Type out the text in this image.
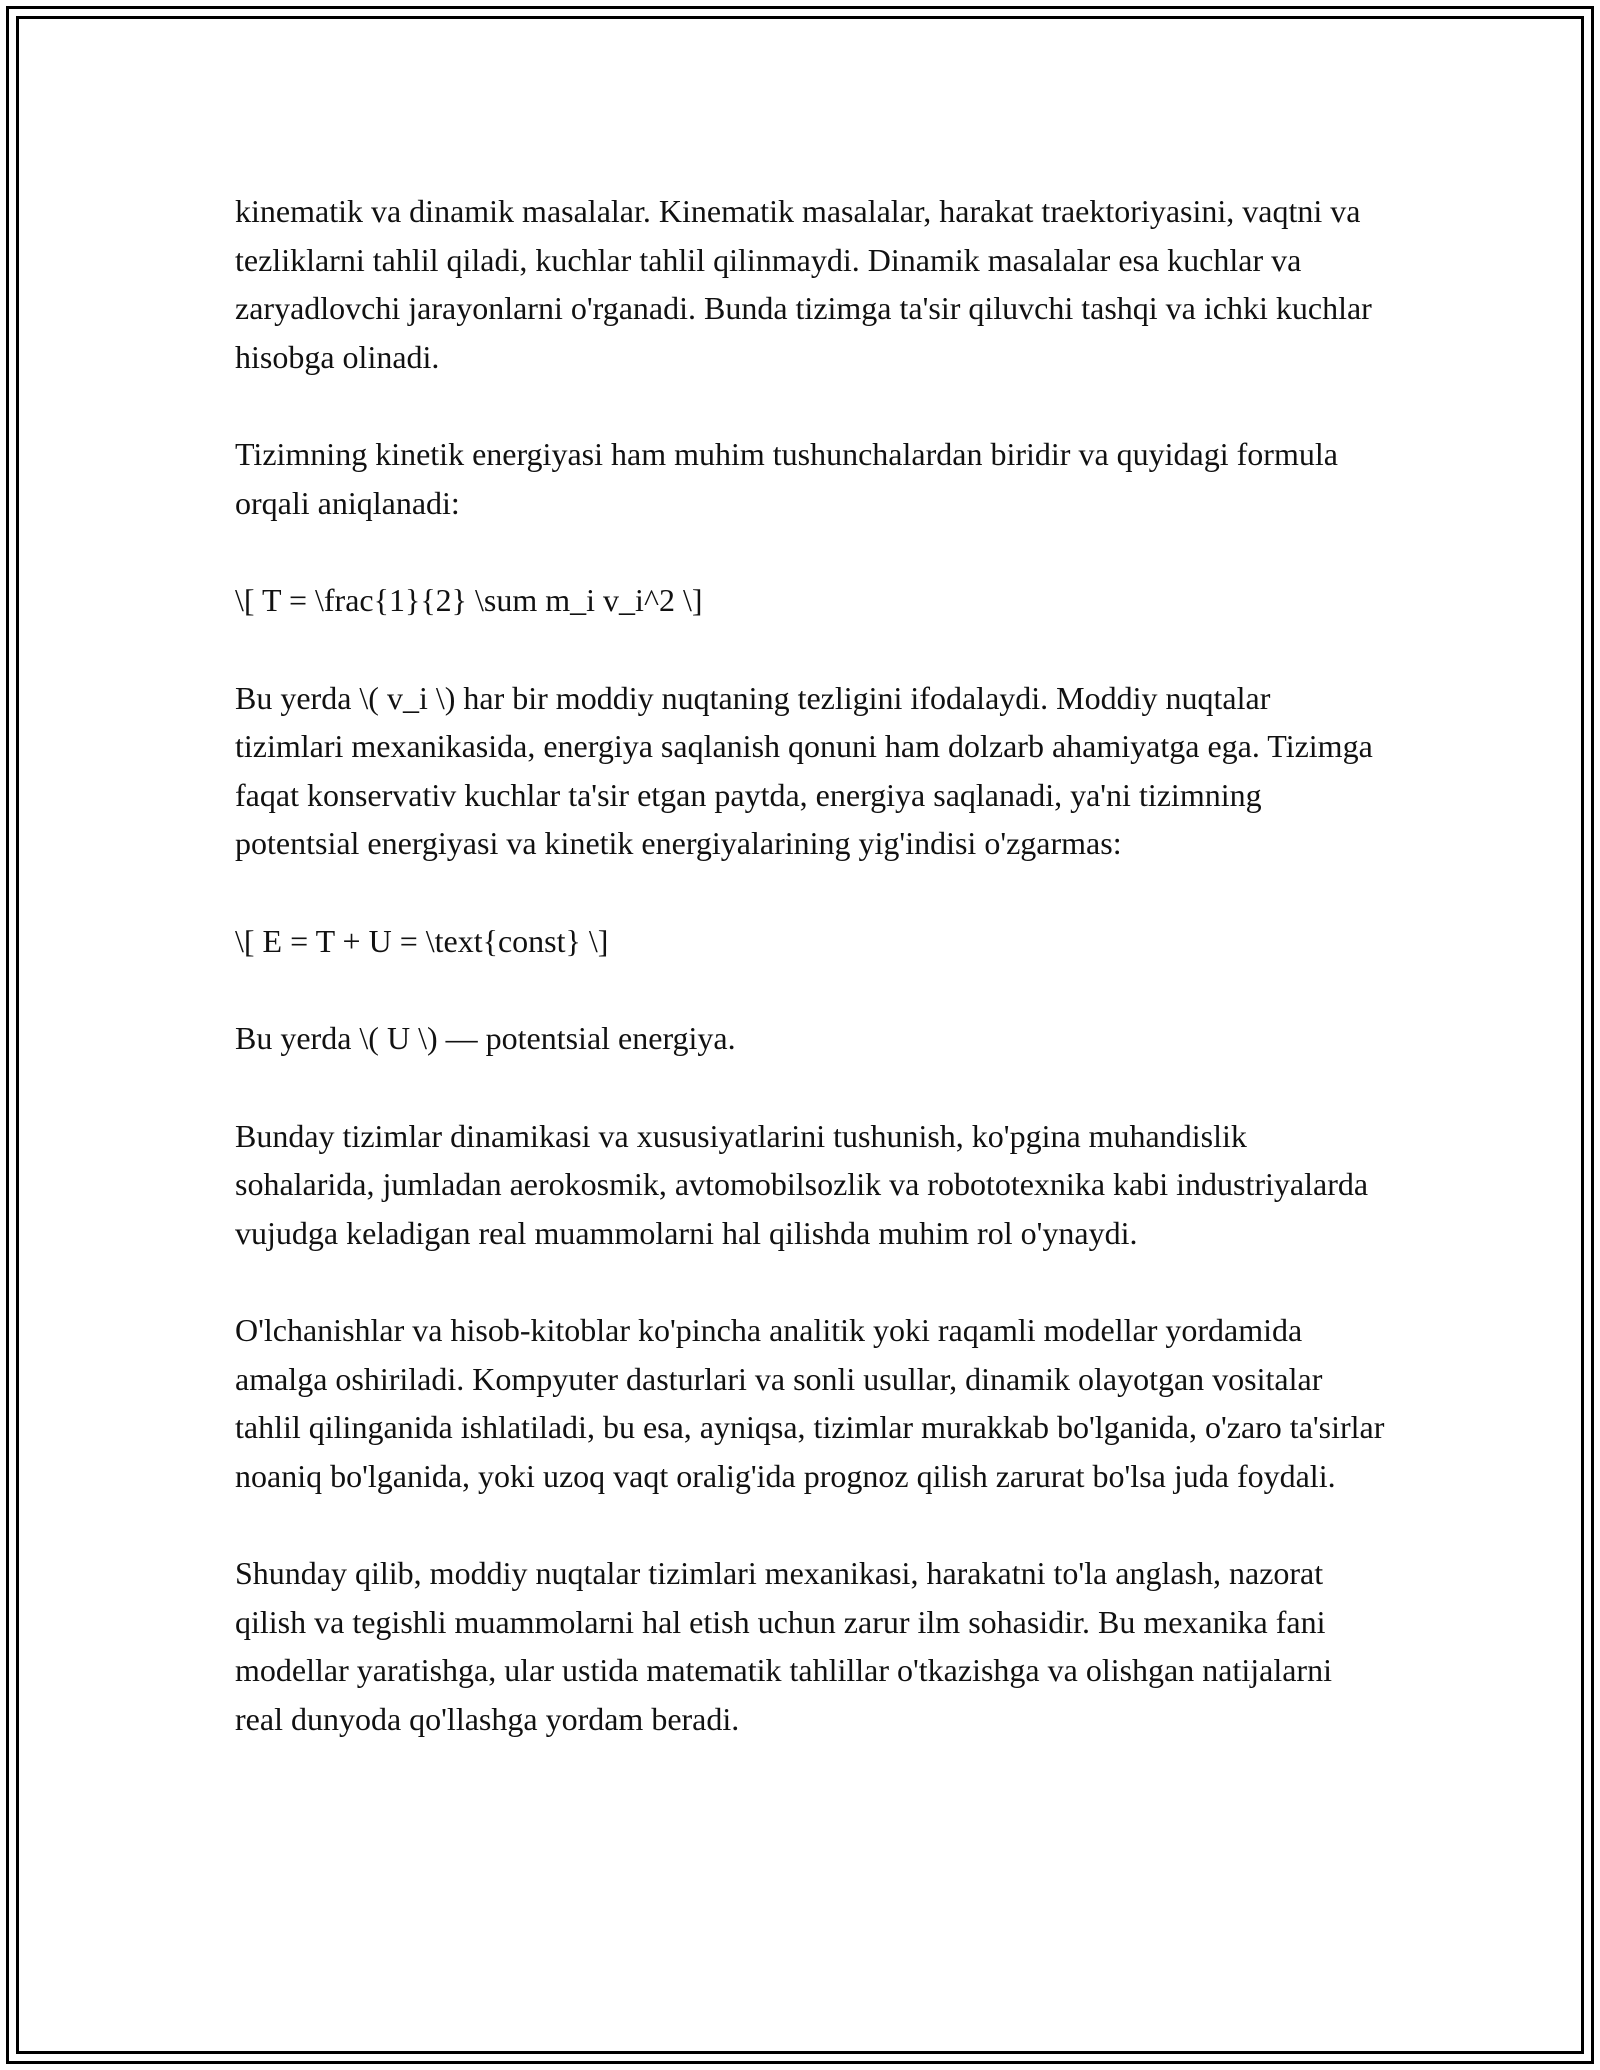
kinematik va dinamik masalalar. Kinematik masalalar, harakat traektoriyasini, vaqtni va tezliklarni tahlil qiladi, kuchlar tahlil qilinmaydi. Dinamik masalalar esa kuchlar va zaryadlovchi jarayonlarni o'rganadi. Bunda tizimga ta'sir qiluvchi tashqi va ichki kuchlar hisobga olinadi.

Tizimning kinetik energiyasi ham muhim tushunchalardan biridir va quyidagi formula orqali aniqlanadi:

\[ T = \frac{1}{2} \sum m_i v_i^2 \]

Bu yerda \( v_i \) har bir moddiy nuqtaning tezligini ifodalaydi. Moddiy nuqtalar tizimlari mexanikasida, energiya saqlanish qonuni ham dolzarb ahamiyatga ega. Tizimga faqat konservativ kuchlar ta'sir etgan paytda, energiya saqlanadi, ya'ni tizimning potentsial energiyasi va kinetik energiyalarining yig'indisi o'zgarmas:

\[ E = T + U = \text{const} \]

Bu yerda \( U \) — potentsial energiya.

Bunday tizimlar dinamikasi va xususiyatlarini tushunish, ko'pgina muhandislik sohalarida, jumladan aerokosmik, avtomobilsozlik va robototexnika kabi industriyalarda vujudga keladigan real muammolarni hal qilishda muhim rol o'ynaydi.

O'lchanishlar va hisob-kitoblar ko'pincha analitik yoki raqamli modellar yordamida amalga oshiriladi. Kompyuter dasturlari va sonli usullar, dinamik olayotgan vositalar tahlil qilinganida ishlatiladi, bu esa, ayniqsa, tizimlar murakkab bo'lganida, o'zaro ta'sirlar noaniq bo'lganida, yoki uzoq vaqt oralig'ida prognoz qilish zarurat bo'lsa juda foydali.

Shunday qilib, moddiy nuqtalar tizimlari mexanikasi, harakatni to'la anglash, nazorat qilish va tegishli muammolarni hal etish uchun zarur ilm sohasidir. Bu mexanika fani modellar yaratishga, ular ustida matematik tahlillar o'tkazishga va olishgan natijalarni real dunyoda qo'llashga yordam beradi.
